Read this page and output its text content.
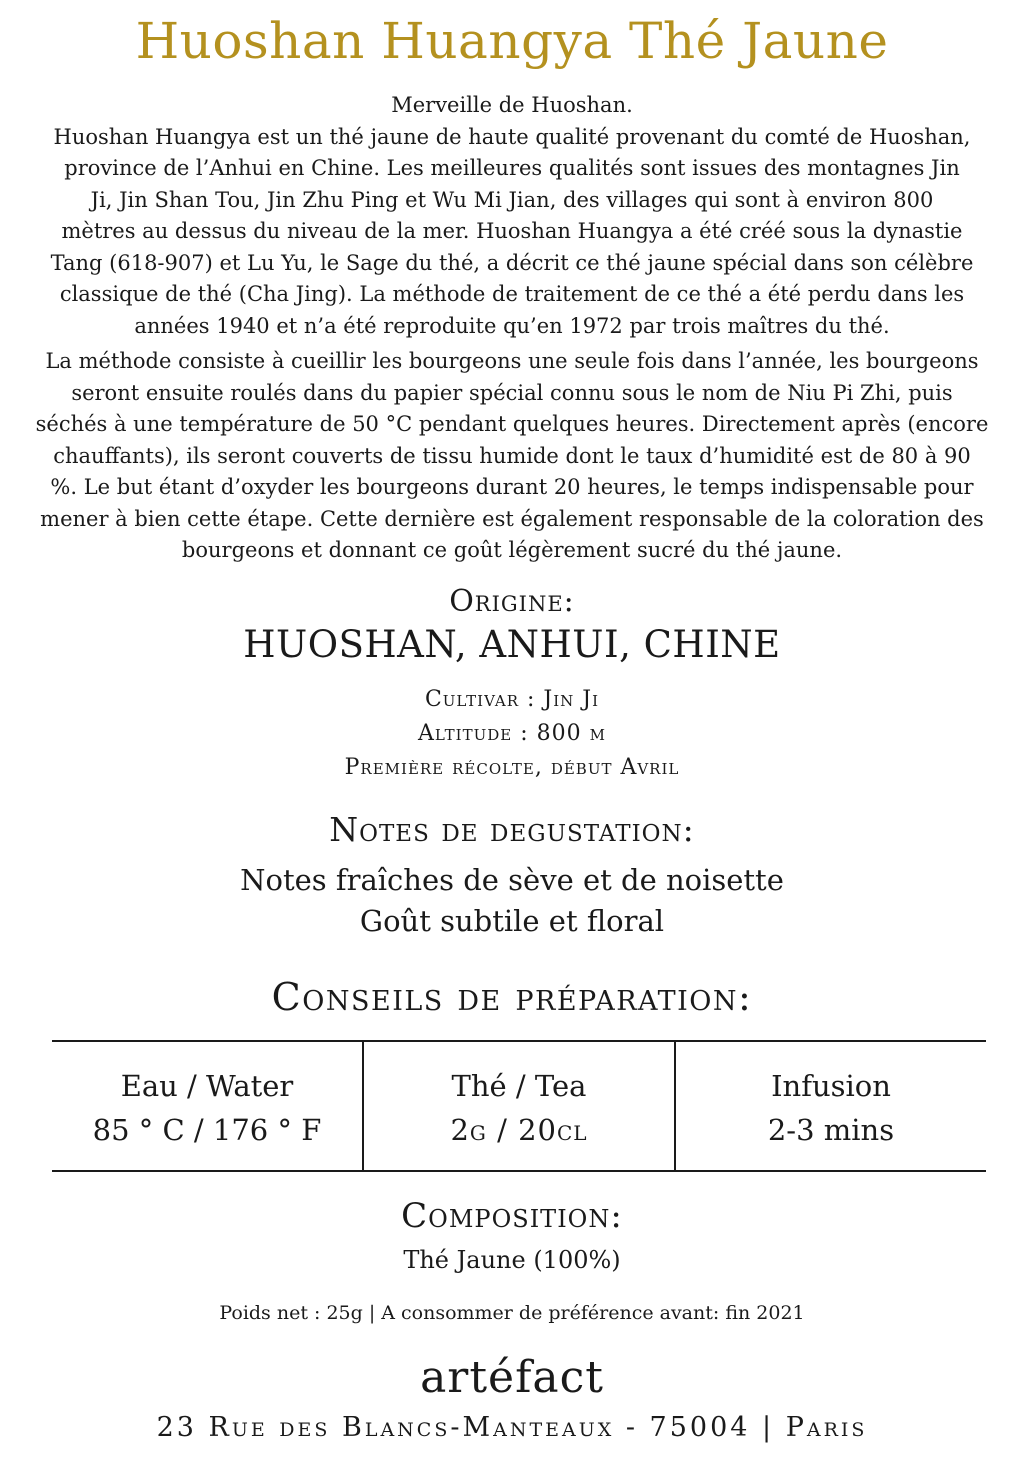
Huoshan Huangya Thé Jaune
Merveille de Huoshan.
Huoshan Huangya est un thé jaune de haute qualité provenant du comté de Huoshan,
province de l’Anhui en Chine. Les meilleures qualités sont issues des montagnes Jin
Ji, Jin Shan Tou, Jin Zhu Ping et Wu Mi Jian, des villages qui sont à environ 800
mètres au dessus du niveau de la mer. Huoshan Huangya a été créé sous la dynastie
Tang (618-907) et Lu Yu, le Sage du thé, a décrit ce thé jaune spécial dans son célèbre
classique de thé (Cha Jing). La méthode de traitement de ce thé a été perdu dans les
années 1940 et n’a été reproduite qu’en 1972 par trois maîtres du thé.
La méthode consiste à cueillir les bourgeons une seule fois dans l’année, les bourgeons
seront ensuite roulés dans du papier spécial connu sous le nom de Niu Pi Zhi, puis
séchés à une température de 50 °C pendant quelques heures. Directement après (encore
chauffants), ils seront couverts de tissu humide dont le taux d’humidité est de 80 à 90
%. Le but étant d’oxyder les bourgeons durant 20 heures, le temps indispensable pour
mener à bien cette étape. Cette dernière est également responsable de la coloration des
bourgeons et donnant ce goût légèrement sucré du thé jaune.
Origine:
HUOSHAN, ANHUI, CHINE
Cultivar : Jin Ji
Altitude : 800 m
Première récolte, début Avril
Notes de degustation:
Notes fraîches de sève et de noisette
Goût subtile et floral
Conseils de préparation:
Eau / Water
85 ° C / 176 ° F
Thé / Tea
2g / 20cl
Infusion
2-3 mins
Composition:
Thé Jaune (100%)
Poids net : 25g | A consommer de préférence avant: fin 2021
artéfact
23 Rue des Blancs-Manteaux - 75004 | Paris
